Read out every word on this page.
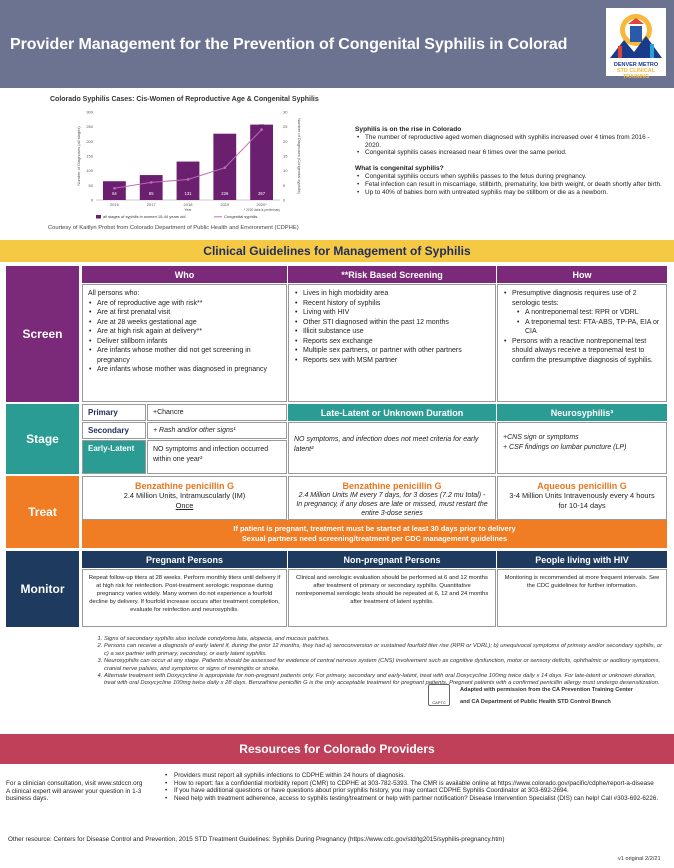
Provider Management for the Prevention of Congenital Syphilis in Colorad
DENVER METRO
STD CLINICAL TRAINING
Colorado Syphilis Cases: Cis-Women of Reproductive Age & Congenital Syphilis
0
50
100
150
200
250
300
0
5
10
15
20
25
30
Number of Diagnoses (all stages)	Number of Diagnoses (Congenital syphilis)
64
2016
85
2017
131
2018
226
2019
257
2020*
4
6
7
11
24
Year	* 2020 data is preliminary
all stages of syphilis in women 15-44 years old	Congenital syphilis
Courtesy of Kaitlyn Probst from Colorado Department of Public Health and Environment (CDPHE)
Syphilis is on the rise in Colorado
• The number of reproductive aged women diagnosed with syphilis increased over 4 times from 2016 - 2020.
• Congenital syphilis cases increased near 6 times over the same period.
What is congenital syphilis?
• Congenital syphilis occurs when syphilis passes to the fetus during pregnancy.
• Fetal infection can result in miscarriage, stillbirth, prematurity, low birth weight, or death shortly after birth.
• Up to 40% of babies born with untreated syphilis may be stillborn or die as a newborn.
Clinical Guidelines for Management of Syphilis
Who	**Risk Based Screening	How
Screen
All persons who:
• Are of reproductive age with risk**
• Are at first prenatal visit
• Are at 28 weeks gestational age
• Are at high risk again at delivery**
• Deliver stillborn infants
• Are infants whose mother did not get screening in pregnancy
• Are infants whose mother was diagnosed in pregnancy
• Lives in high morbidity area
• Recent history of syphilis
• Living with HIV
• Other STI diagnosed within the past 12 months
• Illicit substance use
• Reports sex exchange
• Multiple sex partners, or partner with other partners
• Reports sex with MSM partner
• Presumptive diagnosis requires use of 2 serologic tests:
• A nontreponemal test: RPR or VDRL
• A treponemal test: FTA-ABS, TP-PA, EIA or CIA
• Persons with a reactive nontreponemal test should always receive a treponemal test to confirm the presumptive diagnosis of syphilis.
Stage
Primary	+Chancre
Secondary	+ Rash and/or other signs¹
Early-Latent	NO symptoms and infection occurred within one year²
Late-Latent or Unknown Duration
NO symptoms, and infection does not meet criteria for early latent²
Neurosyphilis³
+CNS sign or symptoms
+ CSF findings on lumbar puncture (LP)
Treat
Benzathine penicillin G
2.4 Million Units, Intramuscularly (IM)
Once
Benzathine penicillin G
2.4 Million Units IM every 7 days, for 3 doses (7.2 mu total) - In pregnancy, if any doses are late or missed, must restart the entire 3-dose series
Aqueous penicillin G
3-4 Million Units Intravenously every 4 hours for 10-14 days
If patient is pregnant, treatment must be started at least 30 days prior to delivery
Sexual partners need screening/treatment per CDC management guidelines
Monitor
Pregnant Persons	Non-pregnant Persons	People living with HIV
Repeat follow-up titers at 28 weeks. Perform monthly titers until delivery if at high risk for reinfection. Post-treatment serologic response during pregnancy varies widely. Many women do not experience a fourfold decline by delivery. If fourfold increase occurs after treatment completion, evaluate for reinfection and neurosyphilis.
Clinical and serologic evaluation should be performed at 6 and 12 months after treatment of primary or secondary syphilis. Quantitative nontreponemal serologic tests should be repeated at 6, 12 and 24 months after treatment of latent syphilis.
Monitoring is recommended at more frequent intervals. See the CDC guidelines for further information.
1. Signs of secondary syphilis also include condyloma lata, alopecia, and mucous patches.
2. Persons can receive a diagnosis of early latent if, during the prior 12 months, they had a) seroconversion or sustained fourfold titer rise (RPR or VDRL); b) unequivocal symptoms of primary and/or secondary syphilis, or c) a sex partner with primary, secondary, or early latent syphilis.
3. Neurosyphilis can occur at any stage. Patients should be assessed for evidence of central nervous system (CNS) involvement such as cognitive dysfunction, motor or sensory deficits, ophthalmic or auditory symptoms, cranial nerve palsies, and symptoms or signs of meningitis or stroke.
4. Alternate treatment with Doxycycline is appropriate for non-pregnant patients only. For primary, secondary and early-latent, treat with oral Doxycycline 100mg twice daily x 14 days. For late-latent or unknown duration, treat with oral Doxycycline 100mg twice daily x 28 days. Benzathine penicillin G is the only acceptable treatment for pregnant patients. Pregnant patients with a confirmed penicillin allergy must undergo desensitization.
CAPTC
Adapted with permission from the CA Prevention Training Center
and CA Department of Public Health STD Control Branch
Resources for Colorado Providers
For a clinician consultation, visit www.stdccn.org
A clinical expert will answer your question in 1-3 business days.
• Providers must report all syphilis infections to CDPHE within 24 hours of diagnosis.
• How to report: fax a confidential morbidity report (CMR) to CDPHE at 303-782-5393. The CMR is available online at https://www.colorado.gov/pacific/cdphe/report-a-disease
• If you have additional questions or have questions about prior syphilis history, you may contact CDPHE Syphilis Coordinator at 303-692-2694.
• Need help with treatment adherence, access to syphilis testing/treatment or help with partner notification? Disease Intervention Specialist (DIS) can help! Call #303-692-6226.
Other resource: Centers for Disease Control and Prevention, 2015 STD Treatment Guidelines: Syphilis During Pregnancy (https://www.cdc.gov/std/tg2015/syphilis-pregnancy.htm)
v1 original 2/2/21
